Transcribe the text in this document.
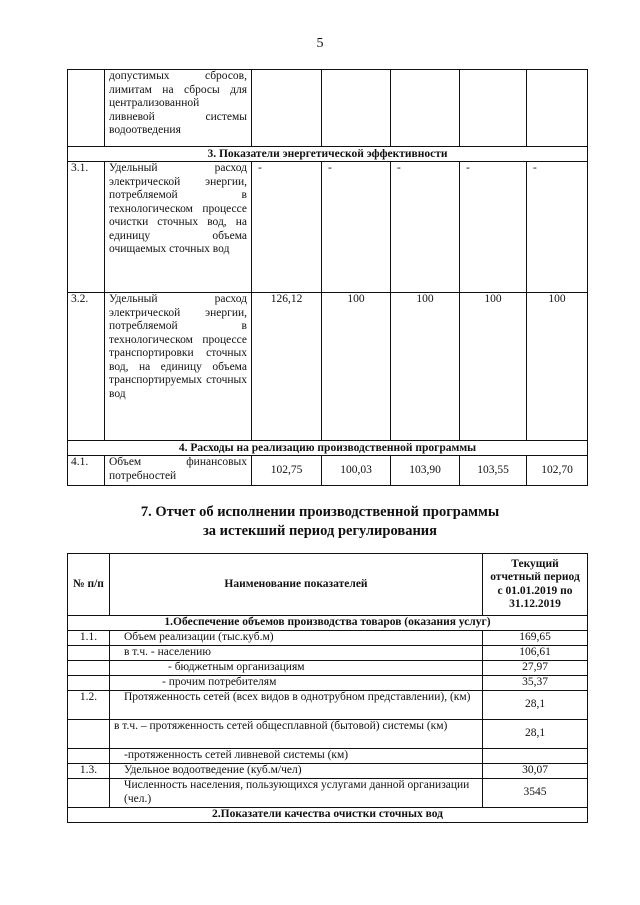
5
	допустимых сбросов, лимитам на сбросы для централизованной ливневой системы водоотведения					
3. Показатели энергетической эффективности						
3.1.	Удельный расход электрической энергии, потребляемой в технологическом процессе очистки сточных вод, на единицу объема очищаемых сточных вод	-	-	-	-	-
3.2.	Удельный расход электрической энергии, потребляемой в технологическом процессе транспортировки сточных вод, на единицу объема транспортируемых сточных вод	126,12	100	100	100	100
4. Расходы на реализацию производственной программы						
4.1.	Объем финансовых потребностей	102,75	100,03	103,90	103,55	102,70
7. Отчет об исполнении производственной программы
за истекший период регулирования
№ п/п	Наименование показателей	Текущий отчетный период с 01.01.2019 по 31.12.2019
1.Обеспечение объемов производства товаров (оказания услуг)		
1.1.	Объем реализации (тыс.куб.м)	169,65
	в т.ч. - населению	106,61
	- бюджетным организациям	27,97
	- прочим потребителям	35,37
1.2.	Протяженность сетей (всех видов в однотрубном представлении), (км)	28,1
	в т.ч. – протяженность сетей общесплавной (бытовой) системы (км)	28,1
	-протяженность сетей ливневой системы (км)	
1.3.	Удельное водоотведение (куб.м/чел)	30,07
	Численность населения, пользующихся услугами данной организации (чел.)	3545
2.Показатели качества очистки сточных вод		
